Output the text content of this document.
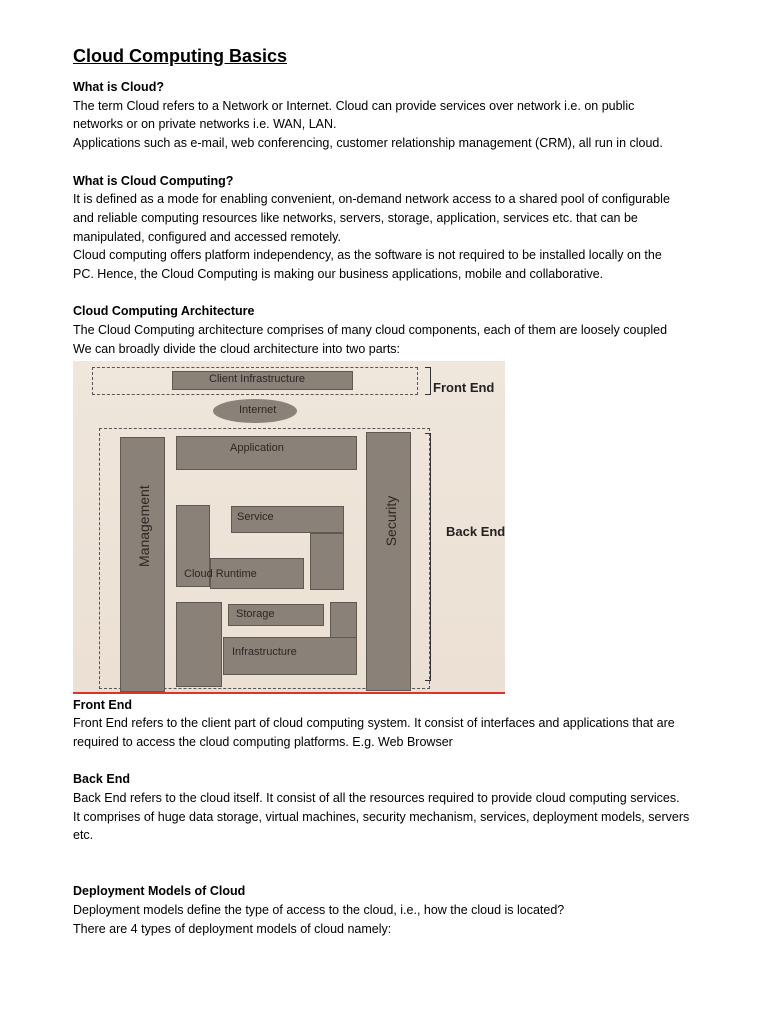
Cloud Computing Basics
What is Cloud?
The term Cloud refers to a Network or Internet. Cloud can provide services over network i.e. on public
networks or on private networks i.e. WAN, LAN.
Applications such as e-mail, web conferencing, customer relationship management (CRM), all run in cloud.
What is Cloud Computing?
It is defined as a mode for enabling convenient, on-demand network access to a shared pool of configurable
and reliable computing resources like networks, servers, storage, application, services etc. that can be
manipulated, configured and accessed remotely.
Cloud computing offers platform independency, as the software is not required to be installed locally on the
PC. Hence, the Cloud Computing is making our business applications, mobile and collaborative.
Cloud Computing Architecture
The Cloud Computing architecture comprises of many cloud components, each of them are loosely coupled
We can broadly divide the cloud architecture into two parts:
Client Infrastructure
Front End
Internet
Management
Application
Security	Back End
Service
Cloud Runtime
Storage
Infrastructure
Front End
Front End refers to the client part of cloud computing system. It consist of interfaces and applications that are
required to access the cloud computing platforms. E.g. Web Browser
Back End
Back End refers to the cloud itself. It consist of all the resources required to provide cloud computing services.
It comprises of huge data storage, virtual machines, security mechanism, services, deployment models, servers
etc.
Deployment Models of Cloud
Deployment models define the type of access to the cloud, i.e., how the cloud is located?
There are 4 types of deployment models of cloud namely:
